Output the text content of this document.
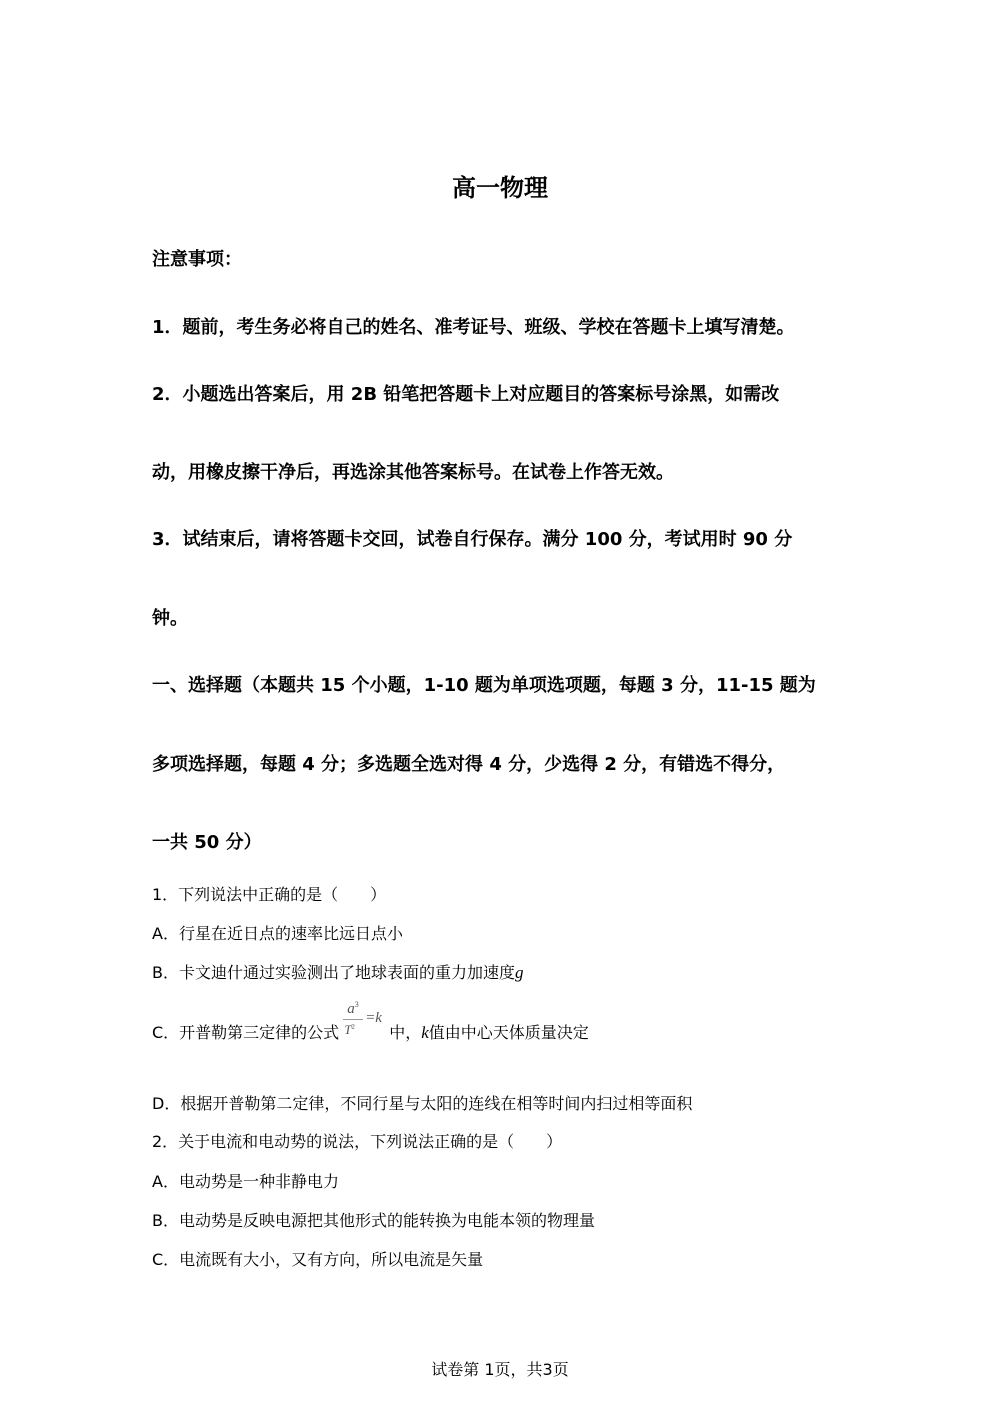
高一物理
注意事项：
1．题前，考生务必将自己的姓名、准考证号、班级、学校在答题卡上填写清楚。
2．小题选出答案后，用 2B 铅笔把答题卡上对应题目的答案标号涂黑，如需改
动，用橡皮擦干净后，再选涂其他答案标号。在试卷上作答无效。
3．试结束后，请将答题卡交回，试卷自行保存。满分 100 分，考试用时 90 分
钟。
一、选择题（本题共 15 个小题，1-10 题为单项选项题，每题 3 分，11-15 题为
多项选择题，每题 4 分；多选题全选对得 4 分，少选得 2 分，有错选不得分，
一共 50 分）
1．下列说法中正确的是（　　）
A．行星在近日点的速率比远日点小
B．卡文迪什通过实验测出了地球表面的重力加速度g
C．开普勒第三定律的公式
$a^3$
$T^2$
=k
中，k值由中心天体质量决定
D．根据开普勒第二定律，不同行星与太阳的连线在相等时间内扫过相等面积
2．关于电流和电动势的说法，下列说法正确的是（　　）
A．电动势是一种非静电力
B．电动势是反映电源把其他形式的能转换为电能本领的物理量
C．电流既有大小，又有方向，所以电流是矢量
试卷第 1页，共3页
